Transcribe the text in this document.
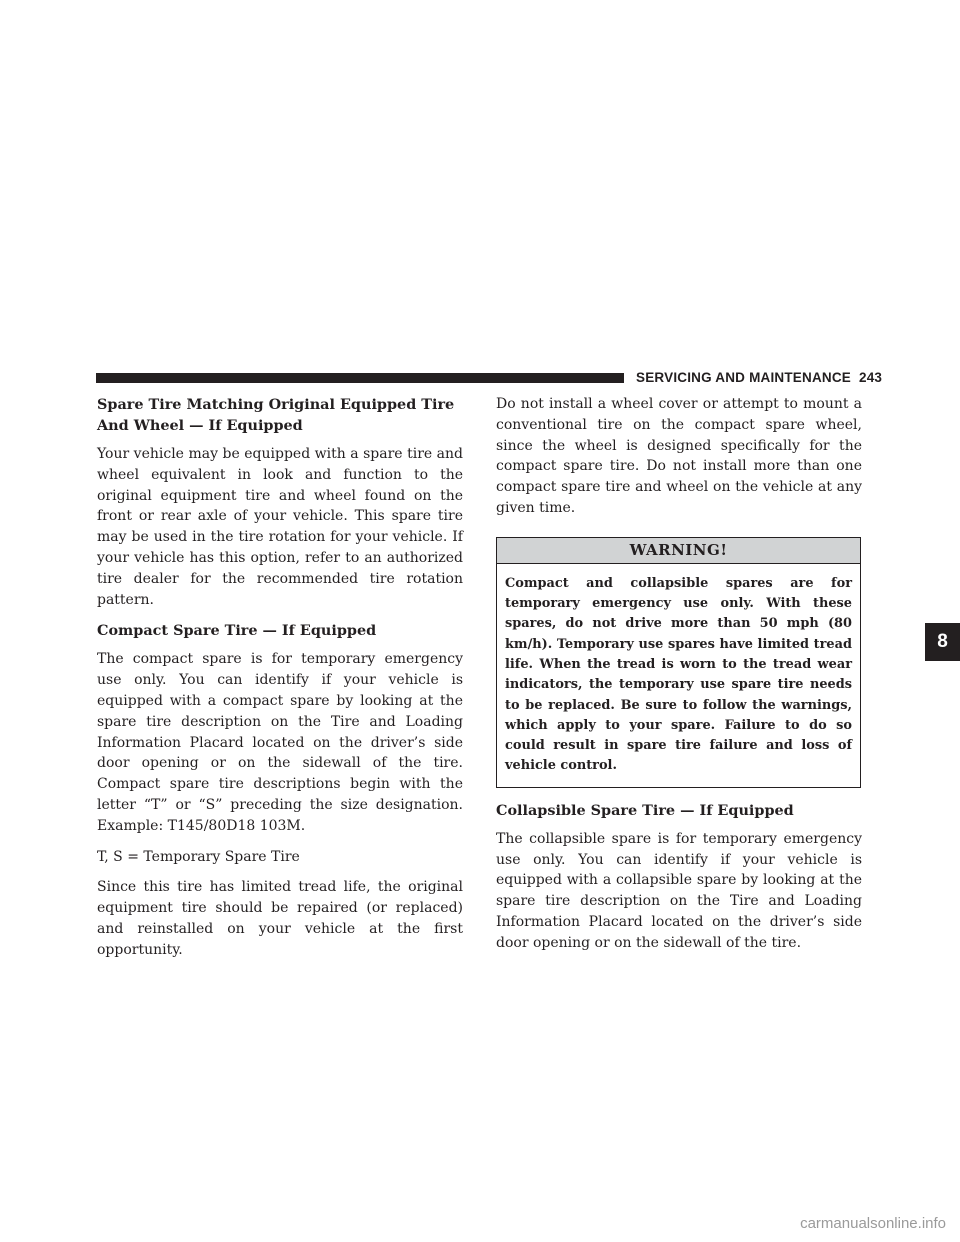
SERVICING AND MAINTENANCE 243
Spare Tire Matching Original Equipped Tire And Wheel — If Equipped

Your vehicle may be equipped with a spare tire and wheel equivalent in look and function to the original equipment tire and wheel found on the front or rear axle of your vehicle. This spare tire may be used in the tire rotation for your vehicle. If your vehicle has this option, refer to an authorized tire dealer for the recommended tire rotation pattern.

Compact Spare Tire — If Equipped

The compact spare is for temporary emergency use only. You can identify if your vehicle is equipped with a compact spare by looking at the spare tire description on the Tire and Loading Information Placard located on the driver’s side door opening or on the sidewall of the tire. Compact spare tire descriptions begin with the letter “T” or “S” preceding the size designation. Example: T145/80D18 103M.

T, S = Temporary Spare Tire

Since this tire has limited tread life, the original equipment tire should be repaired (or replaced) and reinstalled on your vehicle at the first opportunity.

Do not install a wheel cover or attempt to mount a conventional tire on the compact spare wheel, since the wheel is designed specifically for the compact spare tire. Do not install more than one compact spare tire and wheel on the vehicle at any given time.

WARNING!
Compact and collapsible spares are for temporary emergency use only. With these spares, do not drive more than 50 mph (80 km/h). Temporary use spares have limited tread life. When the tread is worn to the tread wear indicators, the temporary use spare tire needs to be replaced. Be sure to follow the warnings, which apply to your spare. Failure to do so could result in spare tire failure and loss of vehicle control.
Collapsible Spare Tire — If Equipped

The collapsible spare is for temporary emergency use only. You can identify if your vehicle is equipped with a collapsible spare by looking at the spare tire description on the Tire and Loading Information Placard located on the driver’s side door opening or on the sidewall of the tire.

8
carmanualsonline.info
